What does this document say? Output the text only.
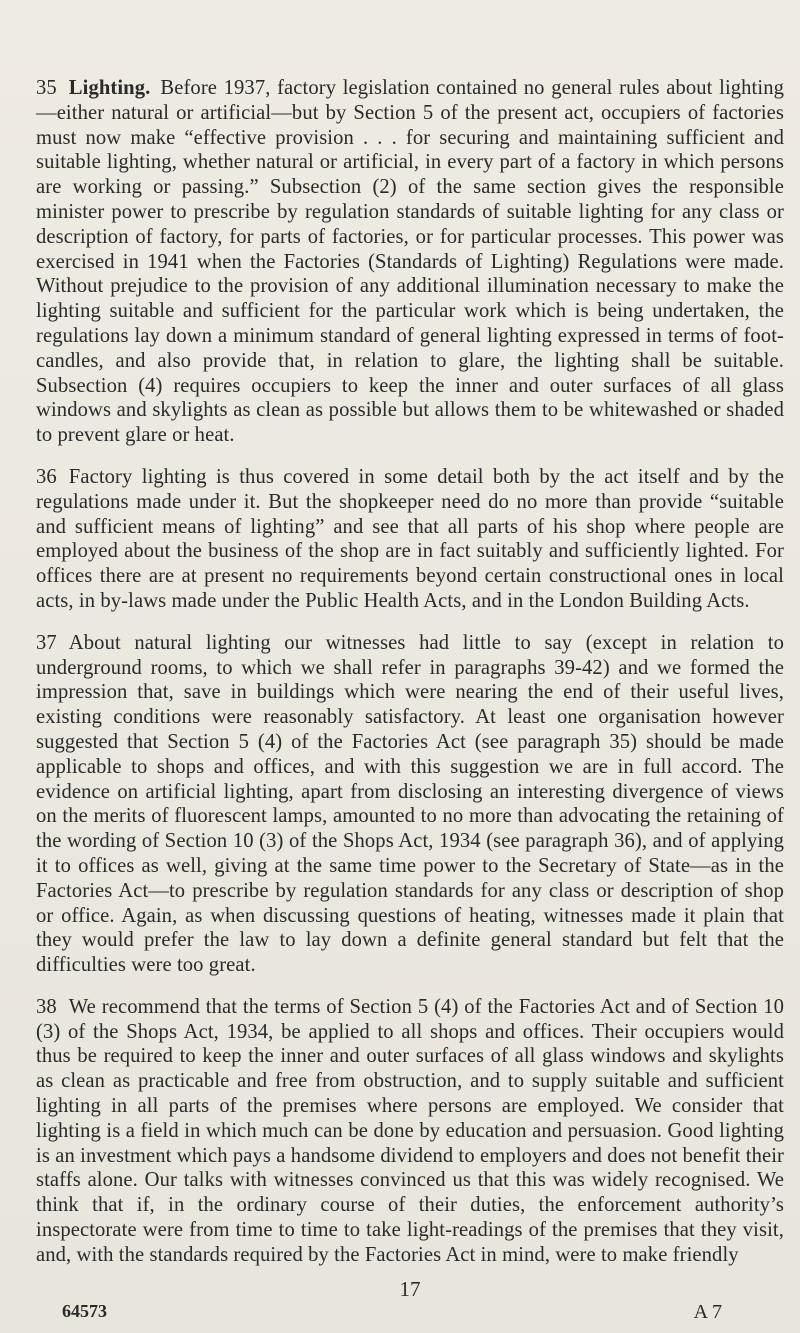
35 Lighting. Before 1937, factory legislation contained no general rules about lighting—either natural or artificial—but by Section 5 of the present act, occupiers of factories must now make “effective provision . . . for securing and maintaining sufficient and suitable lighting, whether natural or artificial, in every part of a factory in which persons are working or passing.” Subsection (2) of the same section gives the responsible minister power to prescribe by regulation standards of suitable lighting for any class or description of factory, for parts of factories, or for particular processes. This power was exercised in 1941 when the Factories (Standards of Lighting) Regulations were made. Without prejudice to the provision of any additional illumination necessary to make the lighting suitable and sufficient for the particular work which is being undertaken, the regulations lay down a minimum standard of general lighting expressed in terms of foot-candles, and also provide that, in relation to glare, the lighting shall be suitable. Subsection (4) requires occupiers to keep the inner and outer surfaces of all glass windows and skylights as clean as possible but allows them to be whitewashed or shaded to prevent glare or heat.

36 Factory lighting is thus covered in some detail both by the act itself and by the regulations made under it. But the shopkeeper need do no more than provide “suitable and sufficient means of lighting” and see that all parts of his shop where people are employed about the business of the shop are in fact suitably and sufficiently lighted. For offices there are at present no requirements beyond certain constructional ones in local acts, in by-laws made under the Public Health Acts, and in the London Building Acts.

37 About natural lighting our witnesses had little to say (except in relation to underground rooms, to which we shall refer in paragraphs 39-42) and we formed the impression that, save in buildings which were nearing the end of their useful lives, existing conditions were reasonably satisfactory. At least one organisation however suggested that Section 5 (4) of the Factories Act (see paragraph 35) should be made applicable to shops and offices, and with this suggestion we are in full accord. The evidence on artificial lighting, apart from disclosing an interesting divergence of views on the merits of fluorescent lamps, amounted to no more than advocating the retaining of the wording of Section 10 (3) of the Shops Act, 1934 (see paragraph 36), and of applying it to offices as well, giving at the same time power to the Secretary of State—as in the Factories Act—to prescribe by regulation standards for any class or description of shop or office. Again, as when discussing questions of heating, witnesses made it plain that they would prefer the law to lay down a definite general standard but felt that the difficulties were too great.

38 We recommend that the terms of Section 5 (4) of the Factories Act and of Section 10 (3) of the Shops Act, 1934, be applied to all shops and offices. Their occupiers would thus be required to keep the inner and outer surfaces of all glass windows and skylights as clean as practicable and free from obstruction, and to supply suitable and sufficient lighting in all parts of the premises where persons are employed. We consider that lighting is a field in which much can be done by education and persuasion. Good lighting is an investment which pays a handsome dividend to employers and does not benefit their staffs alone. Our talks with witnesses convinced us that this was widely recognised. We think that if, in the ordinary course of their duties, the enforcement authority’s inspectorate were from time to time to take light-readings of the premises that they visit, and, with the standards required by the Factories Act in mind, were to make friendly

17
64573	A 7
